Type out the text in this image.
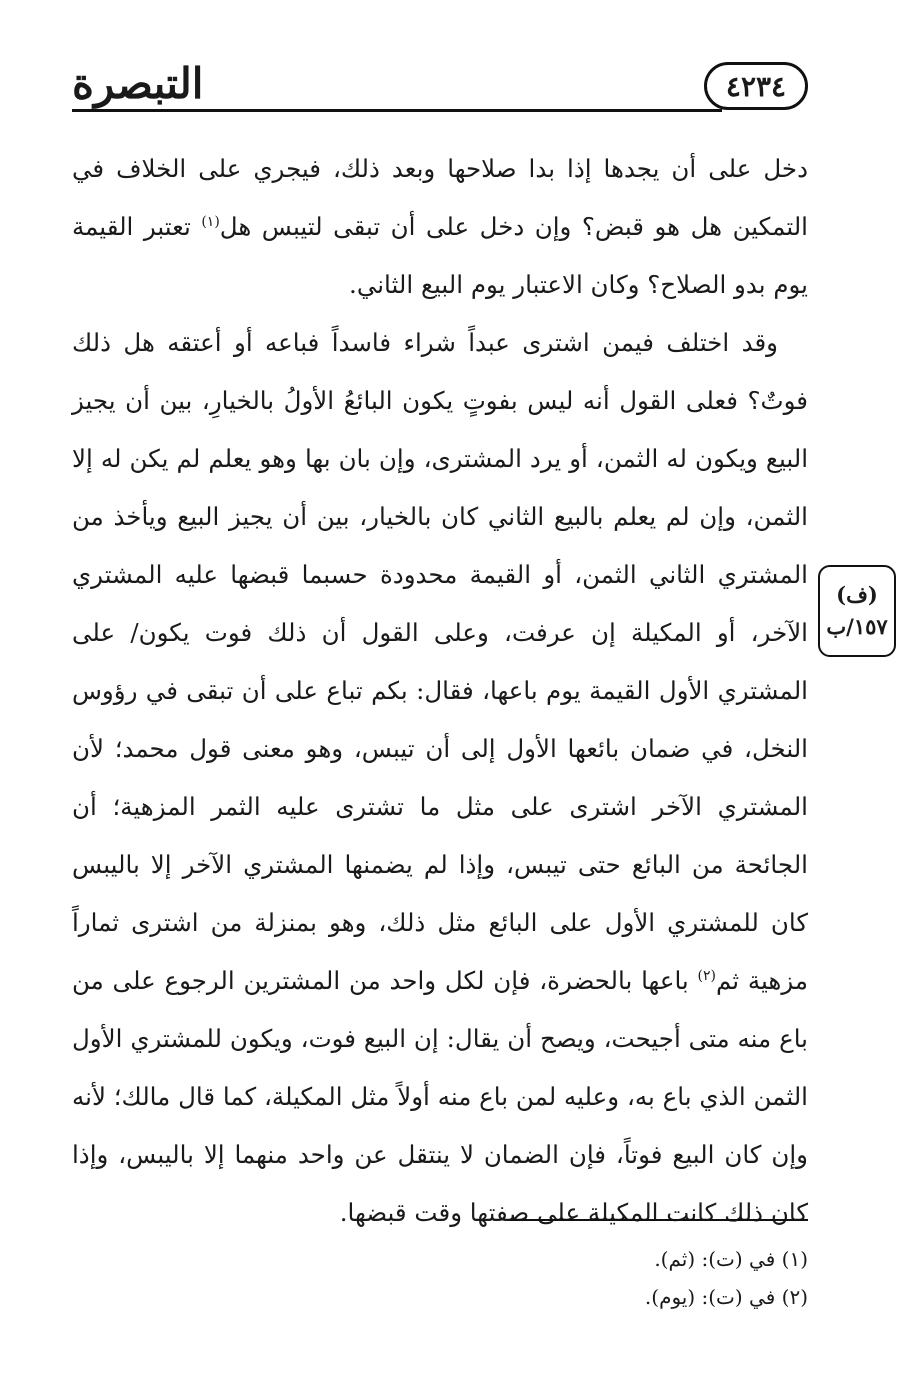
٤٢٣٤
التبصرة
(ف)
١٥٧/ب

دخل على أن يجدها إذا بدا صلاحها وبعد ذلك، فيجري على الخلاف في التمكين هل هو قبض؟ وإن دخل على أن تبقى لتيبس هل$^{(١)}$ تعتبر القيمة يوم بدو الصلاح؟ وكان الاعتبار يوم البيع الثاني.

وقد اختلف فيمن اشترى عبداً شراء فاسداً فباعه أو أعتقه هل ذلك فوتٌ؟ فعلى القول أنه ليس بفوتٍ يكون البائعُ الأولُ بالخيارِ، بين أن يجيز البيع ويكون له الثمن، أو يرد المشترى، وإن بان بها وهو يعلم لم يكن له إلا الثمن، وإن لم يعلم بالبيع الثاني كان بالخيار، بين أن يجيز البيع ويأخذ من المشتري الثاني الثمن، أو القيمة محدودة حسبما قبضها عليه المشتري الآخر، أو المكيلة إن عرفت، وعلى القول أن ذلك فوت يكون/ على المشتري الأول القيمة يوم باعها، فقال: بكم تباع على أن تبقى في رؤوس النخل، في ضمان بائعها الأول إلى أن تيبس، وهو معنى قول محمد؛ لأن المشتري الآخر اشترى على مثل ما تشترى عليه الثمر المزهية؛ أن الجائحة من البائع حتى تيبس، وإذا لم يضمنها المشتري الآخر إلا باليبس كان للمشتري الأول على البائع مثل ذلك، وهو بمنزلة من اشترى ثماراً مزهية ثم$^{(٢)}$ باعها بالحضرة، فإن لكل واحد من المشترين الرجوع على من باع منه متى أجيحت، ويصح أن يقال: إن البيع فوت، ويكون للمشتري الأول الثمن الذي باع به، وعليه لمن باع منه أولاً مثل المكيلة، كما قال مالك؛ لأنه وإن كان البيع فوتاً، فإن الضمان لا ينتقل عن واحد منهما إلا باليبس، وإذا كان ذلك كانت المكيلة على صفتها وقت قبضها.

(١) في (ت): (ثم).

(٢) في (ت): (يوم).
